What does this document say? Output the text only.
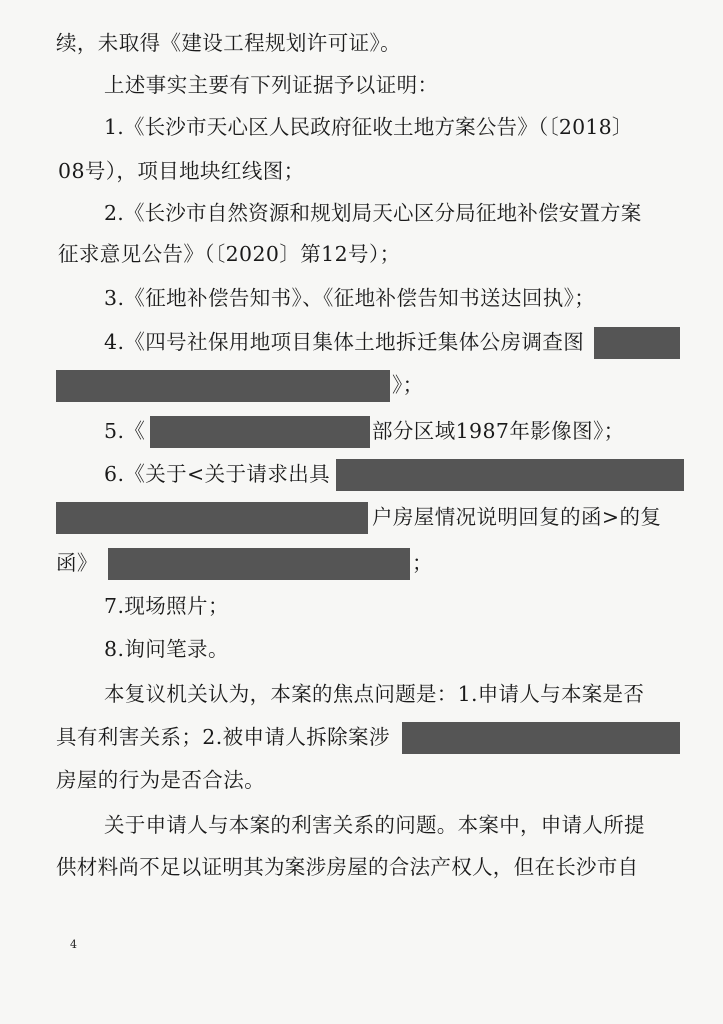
续，未取得《建设工程规划许可证》。
上述事实主要有下列证据予以证明：
1.《长沙市天心区人民政府征收土地方案公告》（〔2018〕
08号），项目地块红线图；
2.《长沙市自然资源和规划局天心区分局征地补偿安置方案
征求意见公告》（〔2020〕第12号）；
3.《征地补偿告知书》、《征地补偿告知书送达回执》；
4.《四号社保用地项目集体土地拆迁集体公房调查图
》；
5.《	部分区域1987年影像图》；
6.《关于<关于请求出具
户房屋情况说明回复的函>的复
函》	；
7.现场照片；
8.询问笔录。
本复议机关认为，本案的焦点问题是：1.申请人与本案是否
具有利害关系；2.被申请人拆除案涉
房屋的行为是否合法。
关于申请人与本案的利害关系的问题。本案中，申请人所提
供材料尚不足以证明其为案涉房屋的合法产权人，但在长沙市自
4
